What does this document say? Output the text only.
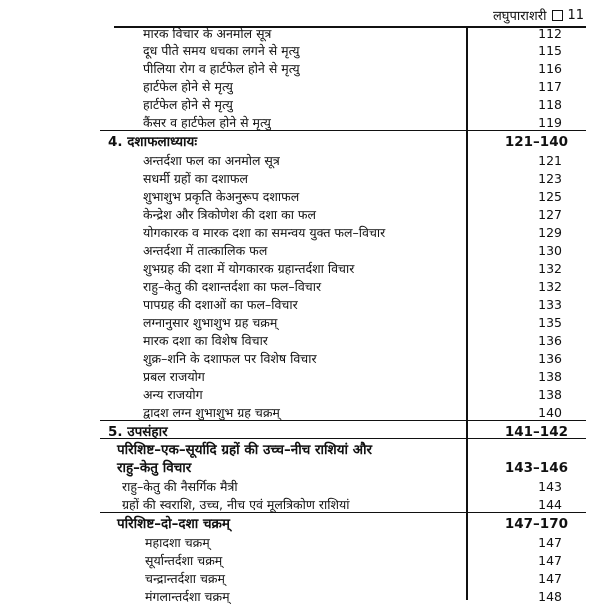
लघुपाराशरी 11
मारक विचार के अनमोल सूत्र	112
दूध पीते समय धचका लगने से मृत्यु	115
पीलिया रोग व हार्टफेल होने से मृत्यु	116
हार्टफेल होने से मृत्यु	117
हार्टफेल होने से मृत्यु	118
कैंसर व हार्टफेल होने से मृत्यु	119
4. दशाफलाध्यायः	121–140
अन्तर्दशा फल का अनमोल सूत्र	121
सधर्मी ग्रहों का दशाफल	123
शुभाशुभ प्रकृति केअनुरूप दशाफल	125
केन्द्रेश और त्रिकोणेश की दशा का फल	127
योगकारक व मारक दशा का समन्वय युक्त फल–विचार	129
अन्तर्दशा में तात्कालिक फल	130
शुभग्रह की दशा में योगकारक ग्रहान्तर्दशा विचार	132
राहु–केतु की दशान्तर्दशा का फल–विचार	132
पापग्रह की दशाओं का फल–विचार	133
लग्नानुसार शुभाशुभ ग्रह चक्रम्	135
मारक दशा का विशेष विचार	136
शुक्र–शनि के दशाफल पर विशेष विचार	136
प्रबल राजयोग	138
अन्य राजयोग	138
द्वादश लग्न शुभाशुभ ग्रह चक्रम्	140
5. उपसंहार	141–142
परिशिष्ट–एक–सूर्यादि ग्रहों की उच्च–नीच राशियां और
राहु–केतु विचार	143–146
राहु–केतु की नैसर्गिक मैत्री	143
ग्रहों की स्वराशि, उच्च, नीच एवं मूलत्रिकोण राशियां	144
परिशिष्ट–दो–दशा चक्रम्	147–170
महादशा चक्रम्	147
सूर्यान्तर्दशा चक्रम्	147
चन्द्रान्तर्दशा चक्रम्	147
मंगलान्तर्दशा चक्रम्	148
